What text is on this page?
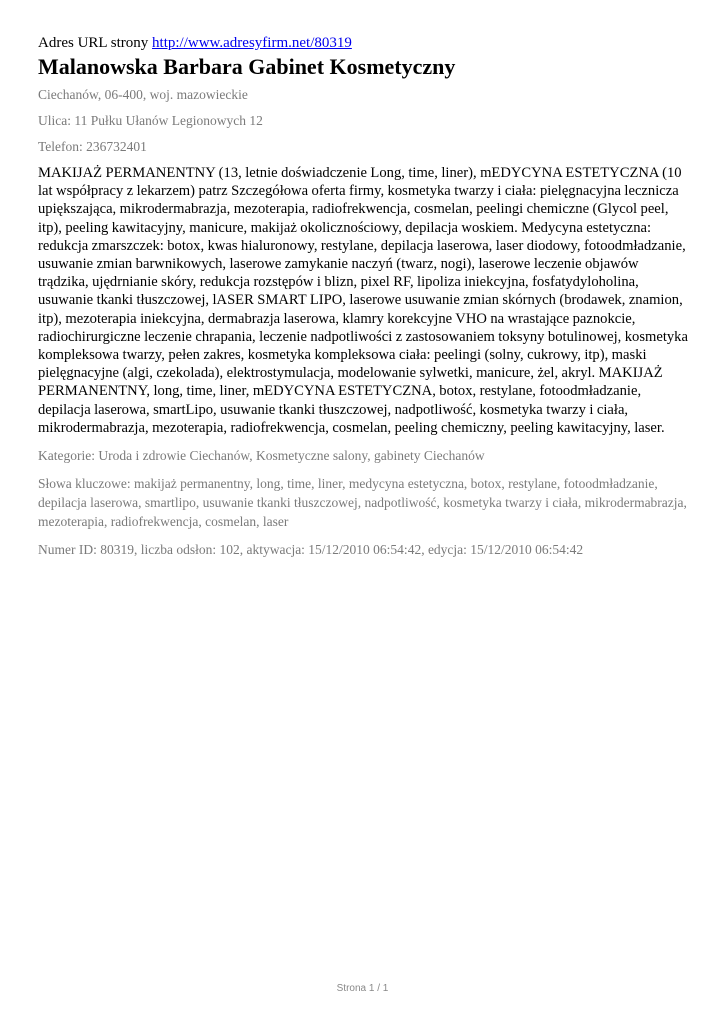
Adres URL strony http://www.adresyfirm.net/80319

Malanowska Barbara Gabinet Kosmetyczny

Ciechanów, 06-400, woj. mazowieckie

Ulica: 11 Pułku Ułanów Legionowych 12

Telefon: 236732401

MAKIJAŻ PERMANENTNY (13, letnie doświadczenie Long, time, liner), mEDYCYNA ESTETYCZNA (10 lat współpracy z lekarzem) patrz Szczegółowa oferta firmy, kosmetyka twarzy i ciała: pielęgnacyjna lecznicza upiększająca, mikrodermabrazja, mezoterapia, radiofrekwencja, cosmelan, peelingi chemiczne (Glycol peel, itp), peeling kawitacyjny, manicure, makijaż okolicznościowy, depilacja woskiem. Medycyna estetyczna: redukcja zmarszczek: botox, kwas hialuronowy, restylane, depilacja laserowa, laser diodowy, fotoodmładzanie, usuwanie zmian barwnikowych, laserowe zamykanie naczyń (twarz, nogi), laserowe leczenie objawów trądzika, ujędrnianie skóry, redukcja rozstępów i blizn, pixel RF, lipoliza iniekcyjna, fosfatydyloholina, usuwanie tkanki tłuszczowej, lASER SMART LIPO, laserowe usuwanie zmian skórnych (brodawek, znamion, itp), mezoterapia iniekcyjna, dermabrazja laserowa, klamry korekcyjne VHO na wrastające paznokcie, radiochirurgiczne leczenie chrapania, leczenie nadpotliwości z zastosowaniem toksyny botulinowej, kosmetyka kompleksowa twarzy, pełen zakres, kosmetyka kompleksowa ciała: peelingi (solny, cukrowy, itp), maski pielęgnacyjne (algi, czekolada), elektrostymulacja, modelowanie sylwetki, manicure, żel, akryl. MAKIJAŻ PERMANENTNY, long, time, liner, mEDYCYNA ESTETYCZNA, botox, restylane, fotoodmładzanie, depilacja laserowa, smartLipo, usuwanie tkanki tłuszczowej, nadpotliwość, kosmetyka twarzy i ciała, mikrodermabrazja, mezoterapia, radiofrekwencja, cosmelan, peeling chemiczny, peeling kawitacyjny, laser.

Kategorie: Uroda i zdrowie Ciechanów, Kosmetyczne salony, gabinety Ciechanów

Słowa kluczowe: makijaż permanentny, long, time, liner, medycyna estetyczna, botox, restylane, fotoodmładzanie, depilacja laserowa, smartlipo, usuwanie tkanki tłuszczowej, nadpotliwość, kosmetyka twarzy i ciała, mikrodermabrazja, mezoterapia, radiofrekwencja, cosmelan, laser

Numer ID: 80319, liczba odsłon: 102, aktywacja: 15/12/2010 06:54:42, edycja: 15/12/2010 06:54:42

Strona 1 / 1
